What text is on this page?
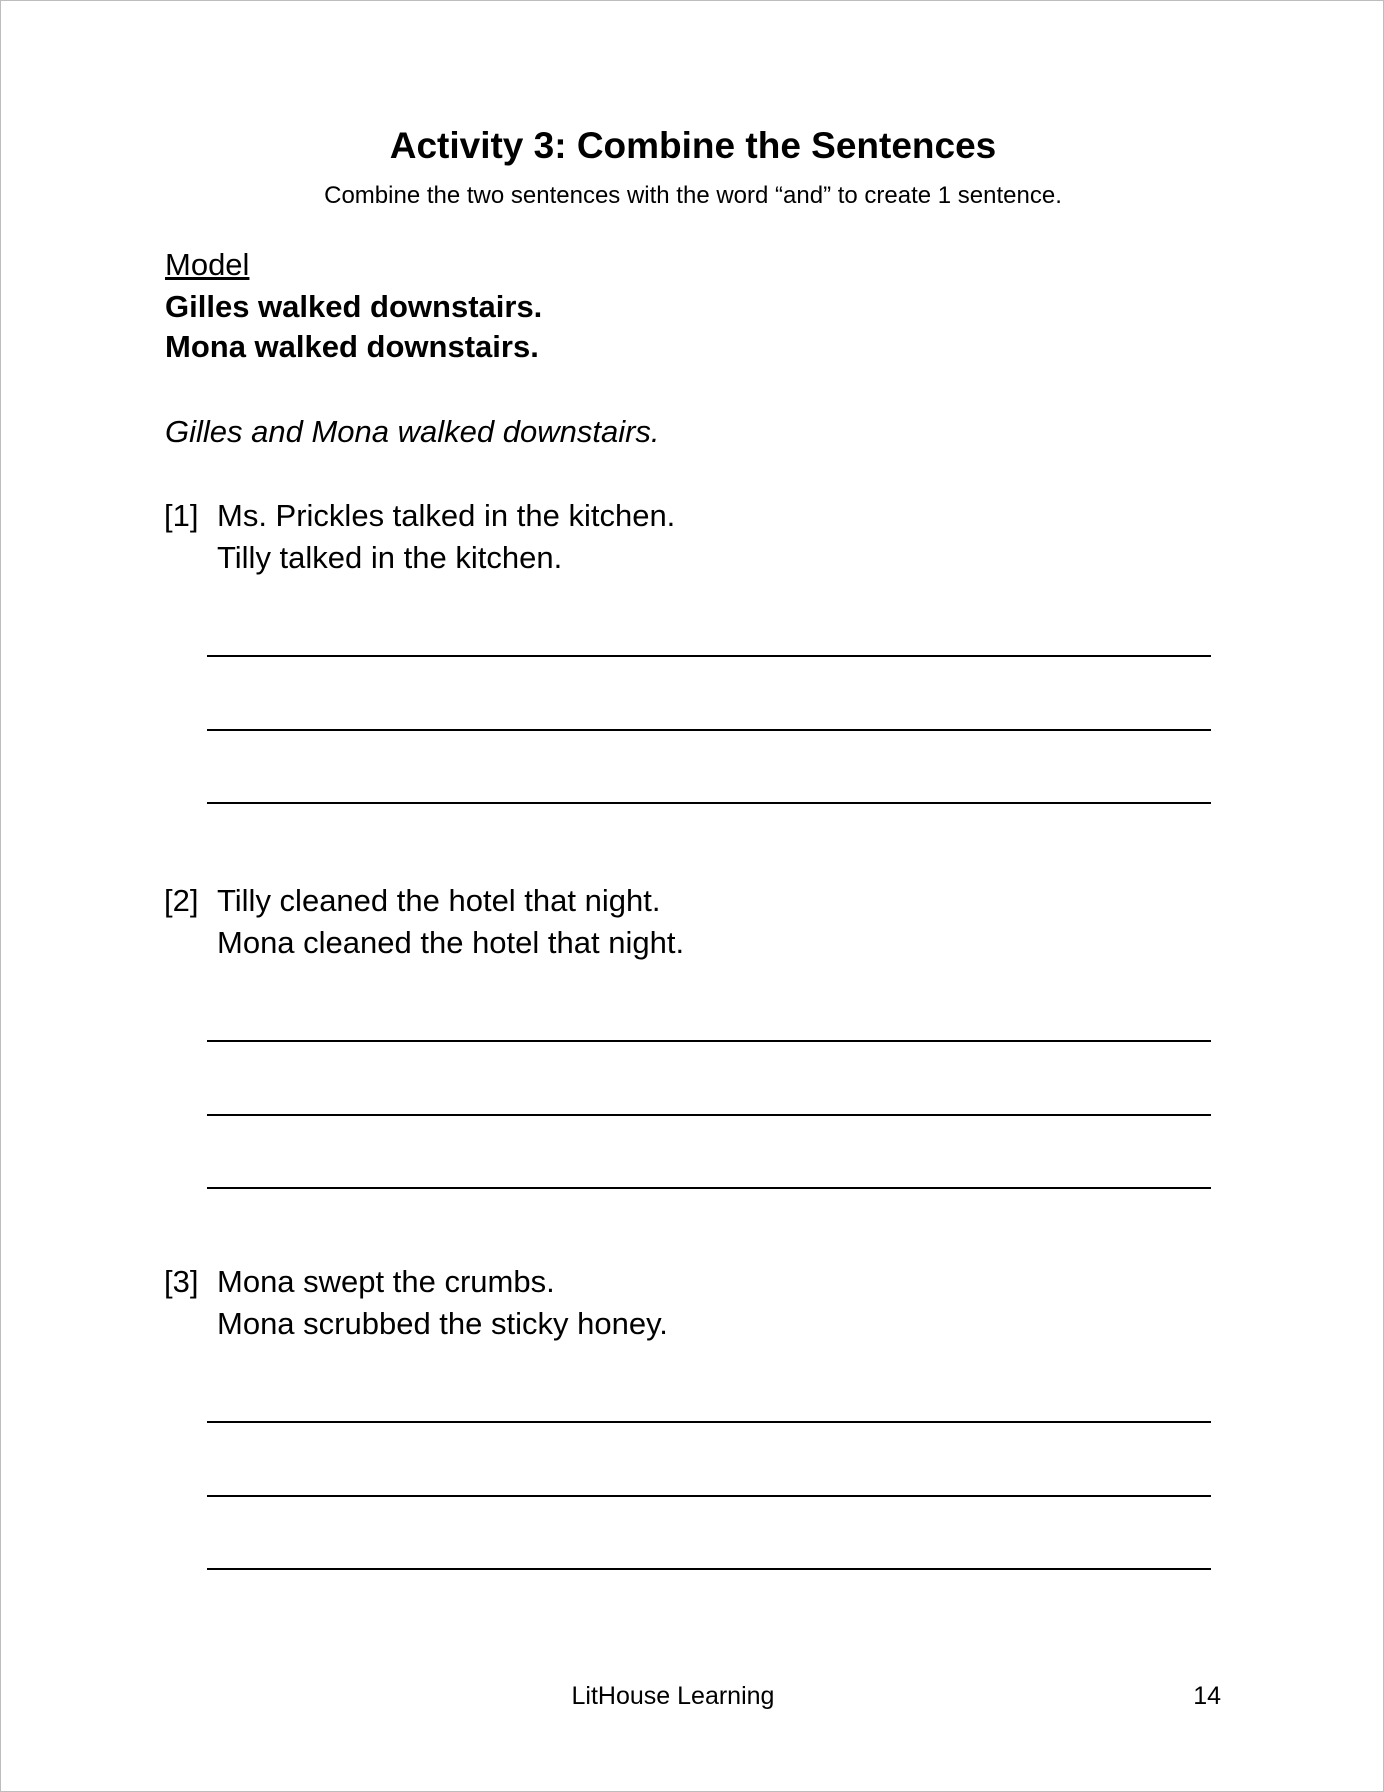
Activity 3: Combine the Sentences
Combine the two sentences with the word “and” to create 1 sentence.
Model
Gilles walked downstairs.
Mona walked downstairs.
Gilles and Mona walked downstairs.
[1] Ms. Prickles talked in the kitchen.
Tilly talked in the kitchen.
[2] Tilly cleaned the hotel that night.
Mona cleaned the hotel that night.
[3] Mona swept the crumbs.
Mona scrubbed the sticky honey.
LitHouse Learning	14
